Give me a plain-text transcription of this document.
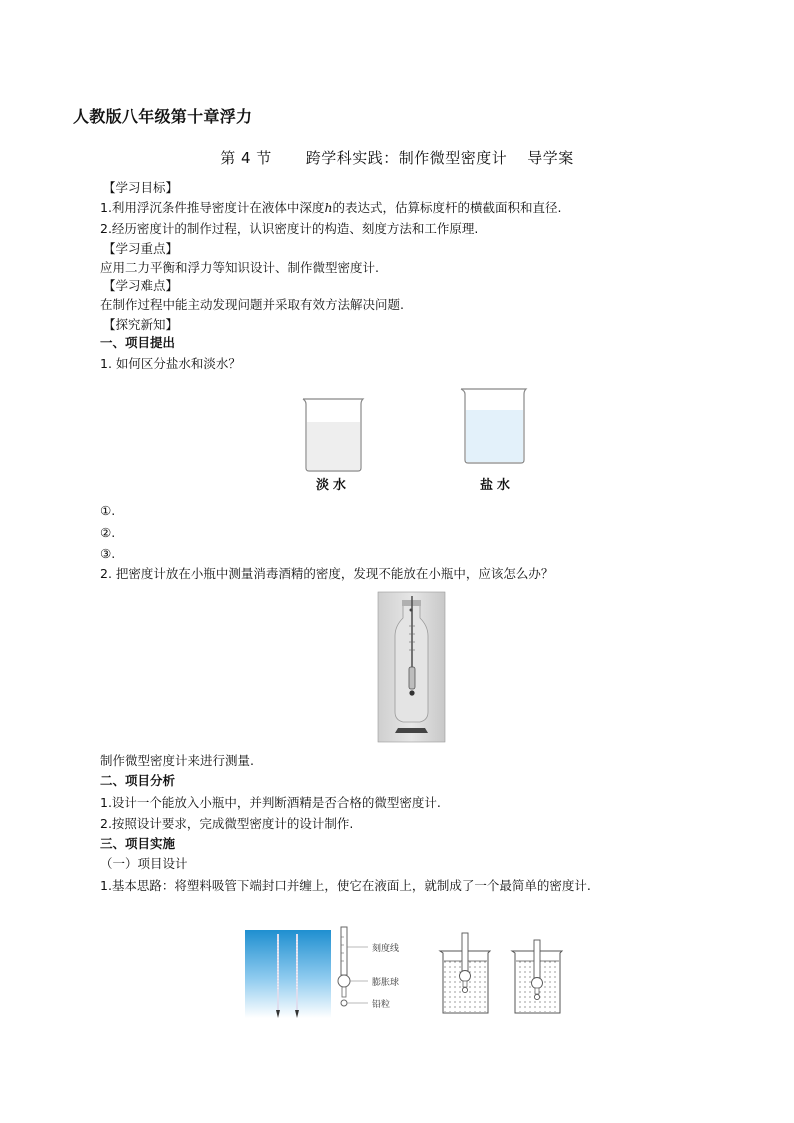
人教版八年级第十章浮力
第 4 节 跨学科实践：制作微型密度计 导学案
【学习目标】
1.利用浮沉条件推导密度计在液体中深度h的表达式，估算标度杆的横截面积和直径.
2.经历密度计的制作过程，认识密度计的构造、刻度方法和工作原理.
【学习重点】
应用二力平衡和浮力等知识设计、制作微型密度计.
【学习难点】
在制作过程中能主动发现问题并采取有效方法解决问题.
【探究新知】
一、项目提出
1. 如何区分盐水和淡水？
淡水	盐水
①.
②.
③.
2. 把密度计放在小瓶中测量消毒酒精的密度，发现不能放在小瓶中，应该怎么办？
制作微型密度计来进行测量.
二、项目分析
1.设计一个能放入小瓶中，并判断酒精是否合格的微型密度计.
2.按照设计要求，完成微型密度计的设计制作.
三、项目实施
（一）项目设计
1.基本思路：将塑料吸管下端封口并缠上，使它在液面上，就制成了一个最简单的密度计.
刻度线
膨胀球
铅粒
